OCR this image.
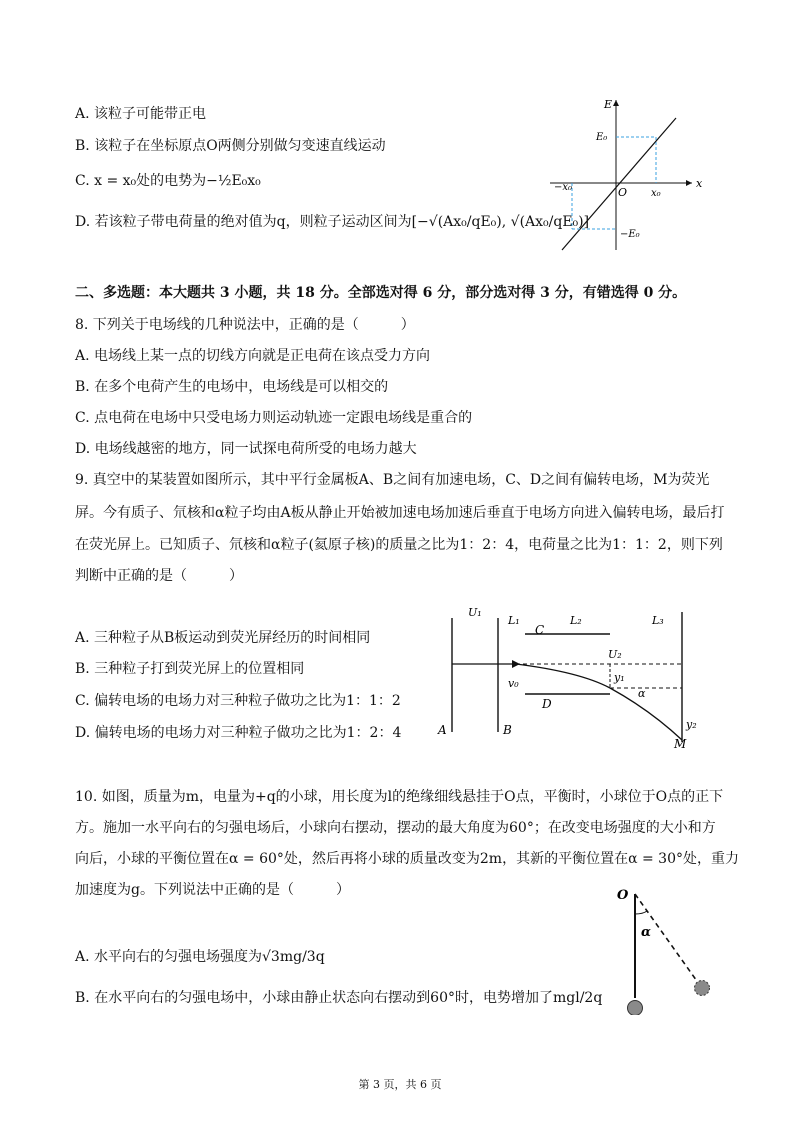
A. 该粒子可能带正电
B. 该粒子在坐标原点O两侧分别做匀变速直线运动
C. x = x₀处的电势为−½E₀x₀
D. 若该粒子带电荷量的绝对值为q，则粒子运动区间为[−√(Ax₀/qE₀), √(Ax₀/qE₀)]
E
x
O
E₀
−E₀
x₀
−x₀
二、多选题：本大题共 3 小题，共 18 分。全部选对得 6 分，部分选对得 3 分，有错选得 0 分。
8. 下列关于电场线的几种说法中，正确的是（　　　）
A. 电场线上某一点的切线方向就是正电荷在该点受力方向
B. 在多个电荷产生的电场中，电场线是可以相交的
C. 点电荷在电场中只受电场力则运动轨迹一定跟电场线是重合的
D. 电场线越密的地方，同一试探电荷所受的电场力越大
9. 真空中的某装置如图所示，其中平行金属板A、B之间有加速电场，C、D之间有偏转电场，M为荧光
屏。今有质子、氘核和α粒子均由A板从静止开始被加速电场加速后垂直于电场方向进入偏转电场，最后打
在荧光屏上。已知质子、氘核和α粒子(氦原子核)的质量之比为1：2：4，电荷量之比为1：1：2，则下列
判断中正确的是（　　　）
A. 三种粒子从B板运动到荧光屏经历的时间相同
B. 三种粒子打到荧光屏上的位置相同
C. 偏转电场的电场力对三种粒子做功之比为1：1：2
D. 偏转电场的电场力对三种粒子做功之比为1：2：4
U₁
L₁	L₂	L₃
C
D
U₂
y₁
y₂
v₀
α
A	B
M
10. 如图，质量为m，电量为+q的小球，用长度为l的绝缘细线悬挂于O点，平衡时，小球位于O点的正下
方。施加一水平向右的匀强电场后，小球向右摆动，摆动的最大角度为60°；在改变电场强度的大小和方
向后，小球的平衡位置在α = 60°处，然后再将小球的质量改变为2m，其新的平衡位置在α = 30°处，重力
加速度为g。下列说法中正确的是（　　　）
A. 水平向右的匀强电场强度为√3mg/3q
B. 在水平向右的匀强电场中，小球由静止状态向右摆动到60°时，电势增加了mgl/2q
O
α
第 3 页，共 6 页
